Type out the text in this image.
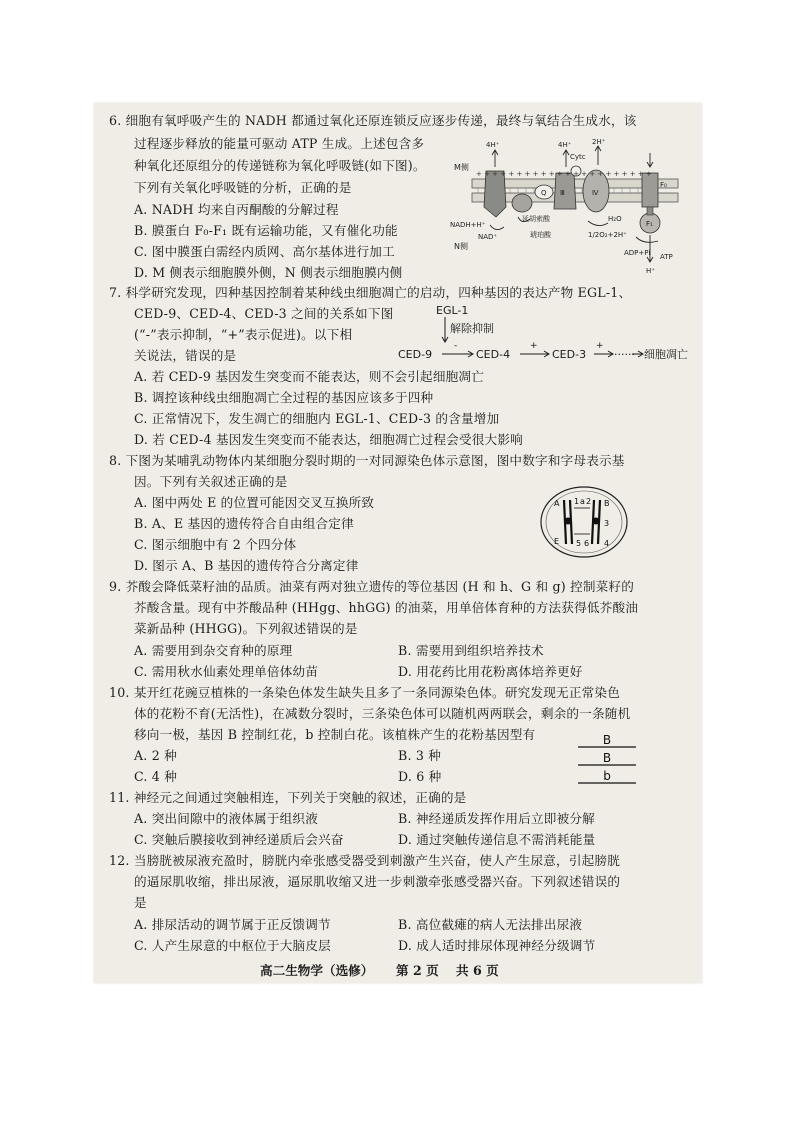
6. 细胞有氧呼吸产生的 NADH 都通过氧化还原连锁反应逐步传递，最终与氧结合生成水，该
过程逐步释放的能量可驱动 ATP 生成。上述包含多
种氧化还原组分的传递链称为氧化呼吸链(如下图)。
下列有关氧化呼吸链的分析，正确的是
A. NADH 均来自丙酮酸的分解过程
B. 膜蛋白 F₀-F₁ 既有运输功能，又有催化功能
C. 图中膜蛋白需经内质网、高尔基体进行加工
D. M 侧表示细胞膜外侧，N 侧表示细胞膜内侧
+ + + + + + + + + + + + + + + + + + + + + +
M侧
N侧
4H⁺	4H⁺	2H⁺
Cytc
NADH+H⁺
NAD⁺
延胡索酸
琥珀酸
H₂O
1/2O₂+2H⁺
ADP+Pi ATP
H⁺
F₀
F₁
Q Ⅲ	Ⅳ
7. 科学研究发现，四种基因控制着某种线虫细胞凋亡的启动，四种基因的表达产物 EGL-1、
CED-9、CED-4、CED-3 之间的关系如下图
(“-”表示抑制，“+”表示促进)。以下相
关说法，错误的是
A. 若 CED-9 基因发生突变而不能表达，则不会引起细胞凋亡
B. 调控该种线虫细胞凋亡全过程的基因应该多于四种
C. 正常情况下，发生凋亡的细胞内 EGL-1、CED-3 的含量增加
D. 若 CED-4 基因发生突变而不能表达，细胞凋亡过程会受很大影响
EGL-1
解除抑制
CED-9	CED-4	CED-3	······ 细胞凋亡
-	+	+
8. 下图为某哺乳动物体内某细胞分裂时期的一对同源染色体示意图，图中数字和字母表示基
因。下列有关叙述正确的是
A. 图中两处 E 的位置可能因交叉互换所致
B. A、E 基因的遗传符合自由组合定律
C. 图示细胞中有 2 个四分体
D. 图示 A、B 基因的遗传符合分离定律
A 1 a 2 B
3
E 5 6 4
9. 芥酸会降低菜籽油的品质。油菜有两对独立遗传的等位基因 (H 和 h、G 和 g) 控制菜籽的
芥酸含量。现有中芥酸品种 (HHgg、hhGG) 的油菜，用单倍体育种的方法获得低芥酸油
菜新品种 (HHGG)。下列叙述错误的是
A. 需要用到杂交育种的原理	B. 需要用到组织培养技术
C. 需用秋水仙素处理单倍体幼苗	D. 用花药比用花粉离体培养更好
10. 某开红花豌豆植株的一条染色体发生缺失且多了一条同源染色体。研究发现无正常染色
体的花粉不育(无活性)，在减数分裂时，三条染色体可以随机两两联会，剩余的一条随机
移向一极，基因 B 控制红花，b 控制白花。该植株产生的花粉基因型有
A. 2 种	B. 3 种
C. 4 种	D. 6 种
B
B
b
11. 神经元之间通过突触相连，下列关于突触的叙述，正确的是
A. 突出间隙中的液体属于组织液	B. 神经递质发挥作用后立即被分解
C. 突触后膜接收到神经递质后会兴奋	D. 通过突触传递信息不需消耗能量
12. 当膀胱被尿液充盈时，膀胱内牵张感受器受到刺激产生兴奋，使人产生尿意，引起膀胱
的逼尿肌收缩，排出尿液，逼尿肌收缩又进一步刺激牵张感受器兴奋。下列叙述错误的
是
A. 排尿活动的调节属于正反馈调节	B. 高位截瘫的病人无法排出尿液
C. 人产生尿意的中枢位于大脑皮层	D. 成人适时排尿体现神经分级调节
高二生物学（选修） 第 2 页 共 6 页
